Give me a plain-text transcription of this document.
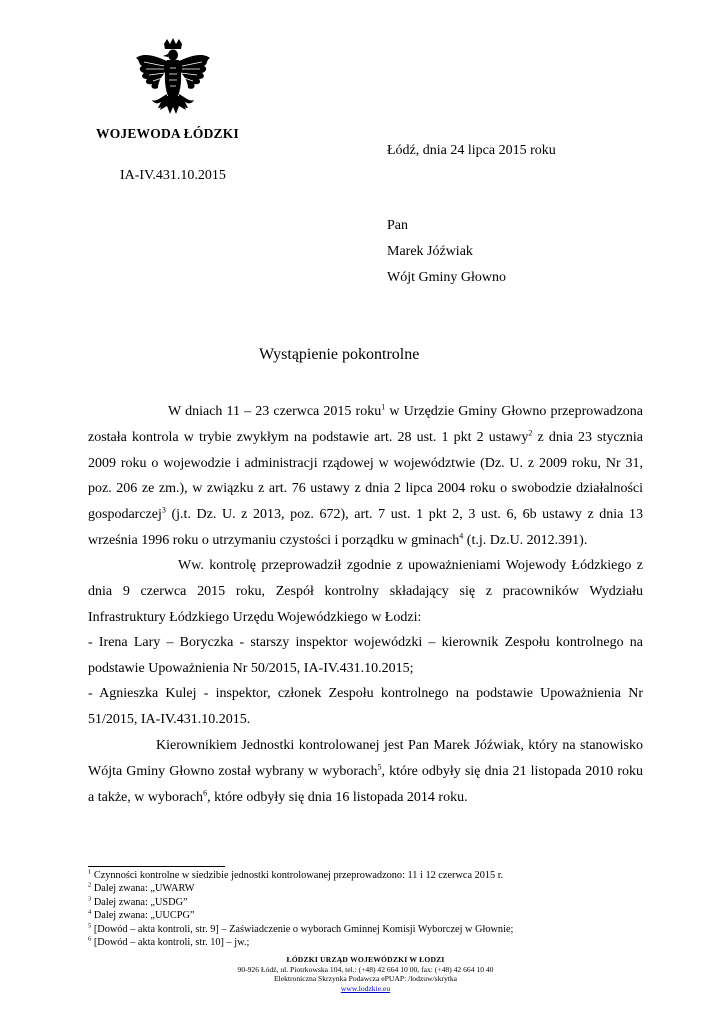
WOJEWODA ŁÓDZKI
Łódź, dnia 24 lipca 2015 roku
IA-IV.431.10.2015
Pan
Marek Jóźwiak
Wójt Gminy Głowno
Wystąpienie pokontrolne

W dniach 11 – 23 czerwca 2015 roku$^1$ w Urzędzie Gminy Głowno przeprowadzona została kontrola w trybie zwykłym na podstawie art. 28 ust. 1 pkt 2 ustawy$^2$ z dnia 23 stycznia 2009 roku o wojewodzie i administracji rządowej w województwie (Dz. U. z 2009 roku, Nr 31, poz. 206 ze zm.), w związku z art. 76 ustawy z dnia 2 lipca 2004 roku o swobodzie działalności gospodarczej$^3$ (j.t. Dz. U. z 2013, poz. 672), art. 7 ust. 1 pkt 2, 3 ust. 6, 6b ustawy z dnia 13 września 1996 roku o utrzymaniu czystości i porządku w gminach$^4$ (t.j. Dz.U. 2012.391).

Ww. kontrolę przeprowadził zgodnie z upoważnieniami Wojewody Łódzkiego z dnia 9 czerwca 2015 roku, Zespół kontrolny składający się z pracowników Wydziału Infrastruktury Łódzkiego Urzędu Wojewódzkiego w Łodzi:

- Irena Lary – Boryczka - starszy inspektor wojewódzki – kierownik Zespołu kontrolnego na podstawie Upoważnienia Nr 50/2015, IA-IV.431.10.2015;

- Agnieszka Kulej - inspektor, członek Zespołu kontrolnego na podstawie Upoważnienia Nr 51/2015, IA-IV.431.10.2015.

Kierownikiem Jednostki kontrolowanej jest Pan Marek Jóźwiak, który na stanowisko Wójta Gminy Głowno został wybrany w wyborach$^5$, które odbyły się dnia 21 listopada 2010 roku a także, w wyborach$^6$, które odbyły się dnia 16 listopada 2014 roku.

$^1$ Czynności kontrolne w siedzibie jednostki kontrolowanej przeprowadzono: 11 i 12 czerwca 2015 r.
$^2$ Dalej zwana: „UWARW
$^3$ Dalej zwana: „USDG”
$^4$ Dalej zwana: „UUCPG”
$^5$ [Dowód – akta kontroli, str. 9] – Zaświadczenie o wyborach Gminnej Komisji Wyborczej w Głownie;
$^6$ [Dowód – akta kontroli, str. 10] – jw.;
ŁÓDZKI URZĄD WOJEWÓDZKI W ŁODZI
90-926 Łódź, ul. Piotrkowska 104, tel.: (+48) 42 664 10 00, fax: (+48) 42 664 10 40
Elektroniczna Skrzynka Podawcza ePUAP: /lodzuw/skrytka
www.lodzkie.eu
